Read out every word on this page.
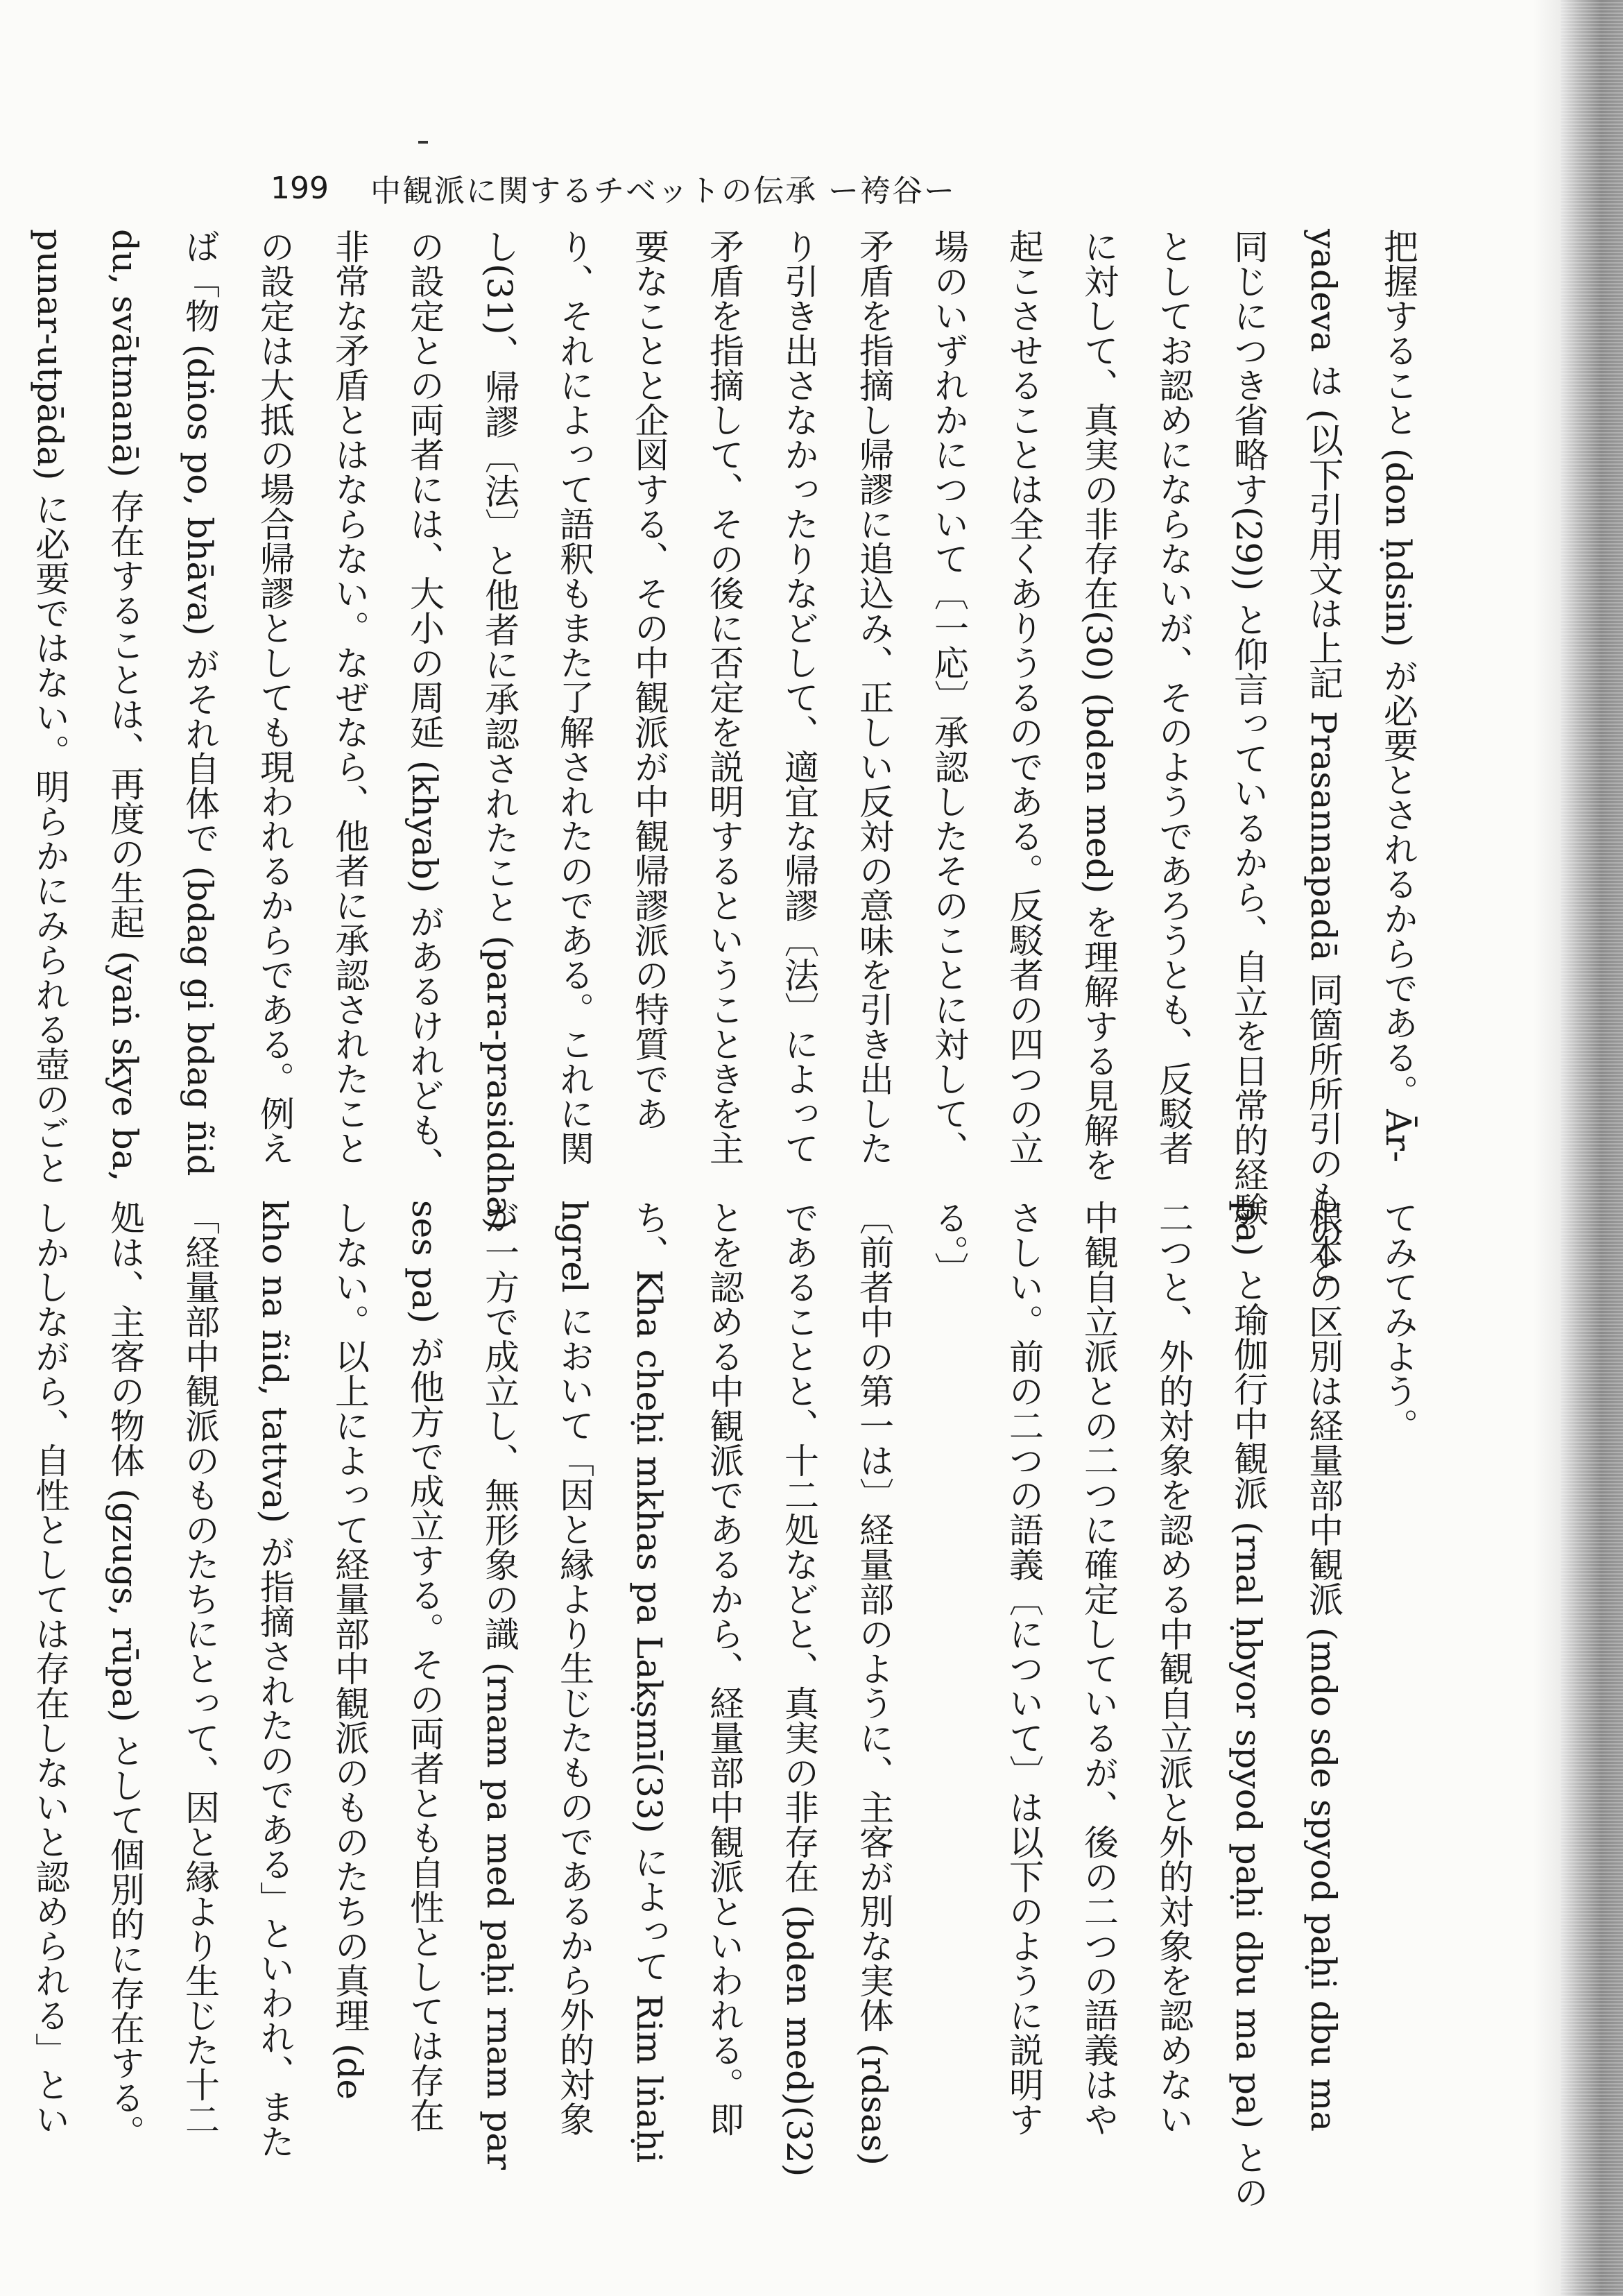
199 中観派に関するチベットの伝承 ー袴谷ー
把握すること (don ḥdsin) が必要とされるからである。Ār-
yadeva は (以下引用文は上記 Prasannapadā 同箇所所引のものと
同じにつき省略す(29)) と仰言っているから、自立を日常的経験
としてお認めにならないが、そのようであろうとも、反駁者
に対して、真実の非存在(30) (bden med) を理解する見解を
起こさせることは全くありうるのである。反駁者の四つの立
場のいずれかについて〔一応〕承認したそのことに対して、
矛盾を指摘し帰謬に追込み、正しい反対の意味を引き出した
り引き出さなかったりなどして、適宜な帰謬〔法〕によって
矛盾を指摘して、その後に否定を説明するということきを主
要なことと企図する、その中観派が中観帰謬派の特質であ
り、それによって語釈もまた了解されたのである。これに関
し(31)、帰謬〔法〕と他者に承認されたこと (para-prasiddha)
の設定との両者には、大小の周延 (khyab) があるけれども、
非常な矛盾とはならない。なぜなら、他者に承認されたこと
の設定は大抵の場合帰謬としても現われるからである。例え
ば「物 (dṅos po, bhāva) がそれ自体で (bdag gi bdag ñid
du, svātmanā) 存在することは、再度の生起 (yaṅ skye ba,
punar-utpāda) に必要ではない。明らかにみられる壺のごと
てみてみよう。
根本の区別は経量部中観派 (mdo sde spyod paḥi dbu ma
pa) と瑜伽行中観派 (rnal ḥbyor spyod paḥi dbu ma pa) との
二つと、外的対象を認める中観自立派と外的対象を認めない
中観自立派との二つに確定しているが、後の二つの語義はや
さしい。前の二つの語義〔について〕は以下のように説明す
る。〕
〔前者中の第一は〕経量部のように、主客が別な実体 (rdsas)
であることと、十二処などと、真実の非存在 (bden med)(32)
とを認める中観派であるから、経量部中観派といわれる。即
ち、Kha cheḥi mkhas pa Lakṣmī(33) によって Rim lṅaḥi
hgrel において「因と縁より生じたものであるから外的対象
が一方で成立し、無形象の識 (rnam pa med paḥi rnam par
ses pa) が他方で成立する。その両者とも自性としては存在
しない。以上によって経量部中観派のものたちの真理 (de
kho na ñid, tattva) が指摘されたのである」といわれ、また
「経量部中観派のものたちにとって、因と縁より生じた十二
処は、主客の物体 (gzugs, rūpa) として個別的に存在する。
しかしながら、自性としては存在しないと認められる」とい
